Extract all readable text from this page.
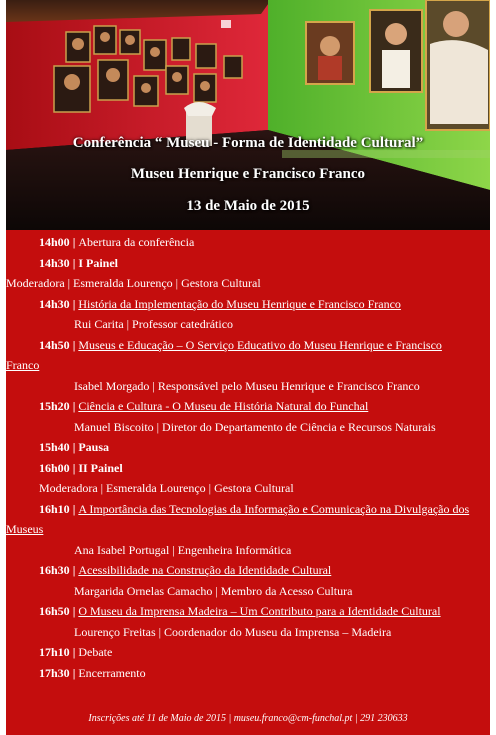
Conferência “ Museu - Forma de Identidade Cultural”
Museu Henrique e Francisco Franco
13 de Maio de 2015
14h00 | Abertura da conferência
14h30 | I Painel
Moderadora | Esmeralda Lourenço | Gestora Cultural
14h30 | História da Implementação do Museu Henrique e Francisco Franco
Rui Carita | Professor catedrático
14h50 | Museus e Educação – O Serviço Educativo do Museu Henrique e Francisco
Franco
Isabel Morgado | Responsável pelo Museu Henrique e Francisco Franco
15h20 | Ciência e Cultura - O Museu de História Natural do Funchal
Manuel Biscoito | Diretor do Departamento de Ciência e Recursos Naturais
15h40 | Pausa
16h00 | II Painel
Moderadora | Esmeralda Lourenço | Gestora Cultural
16h10 | A Importância das Tecnologias da Informação e Comunicação na Divulgação dos
Museus
Ana Isabel Portugal | Engenheira Informática
16h30 | Acessibilidade na Construção da Identidade Cultural
Margarida Ornelas Camacho | Membro da Acesso Cultura
16h50 | O Museu da Imprensa Madeira – Um Contributo para a Identidade Cultural
Lourenço Freitas | Coordenador do Museu da Imprensa – Madeira
17h10 | Debate
17h30 | Encerramento
Inscrições até 11 de Maio de 2015 | museu.franco@cm-funchal.pt | 291 230633
